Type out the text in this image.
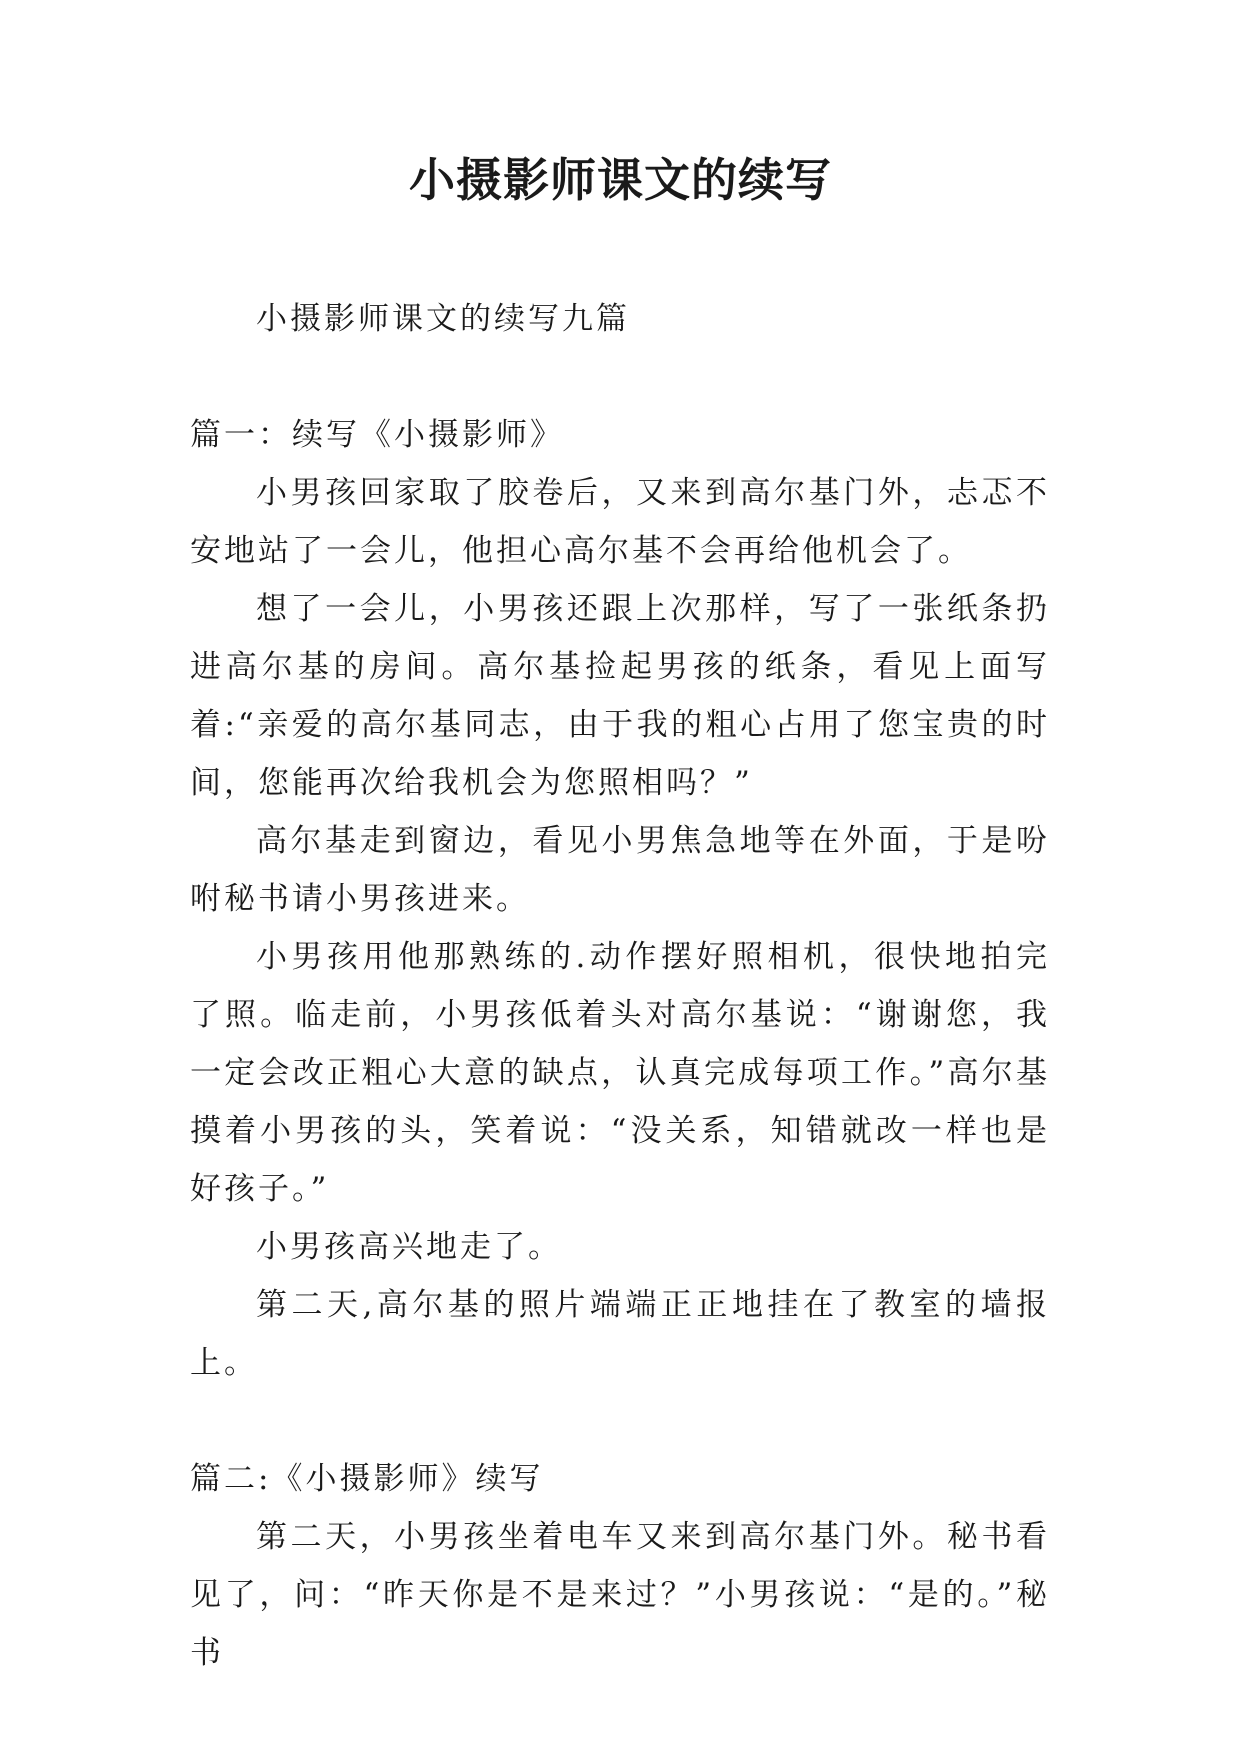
小摄影师课文的续写

小摄影师课文的续写九篇

篇一：续写《小摄影师》

小男孩回家取了胶卷后，又来到高尔基门外，忐忑不安地站了一会儿，他担心高尔基不会再给他机会了。

想了一会儿，小男孩还跟上次那样，写了一张纸条扔进高尔基的房间。高尔基捡起男孩的纸条，看见上面写着:“亲爱的高尔基同志，由于我的粗心占用了您宝贵的时间，您能再次给我机会为您照相吗？”

高尔基走到窗边，看见小男焦急地等在外面，于是吩咐秘书请小男孩进来。

小男孩用他那熟练的.动作摆好照相机，很快地拍完了照。临走前，小男孩低着头对高尔基说：“谢谢您，我一定会改正粗心大意的缺点，认真完成每项工作。”高尔基摸着小男孩的头，笑着说：“没关系，知错就改一样也是好孩子。”

小男孩高兴地走了。

第二天,高尔基的照片端端正正地挂在了教室的墙报上。

篇二:《小摄影师》续写

第二天，小男孩坐着电车又来到高尔基门外。秘书看见了，问：“昨天你是不是来过？”小男孩说：“是的。”秘书
